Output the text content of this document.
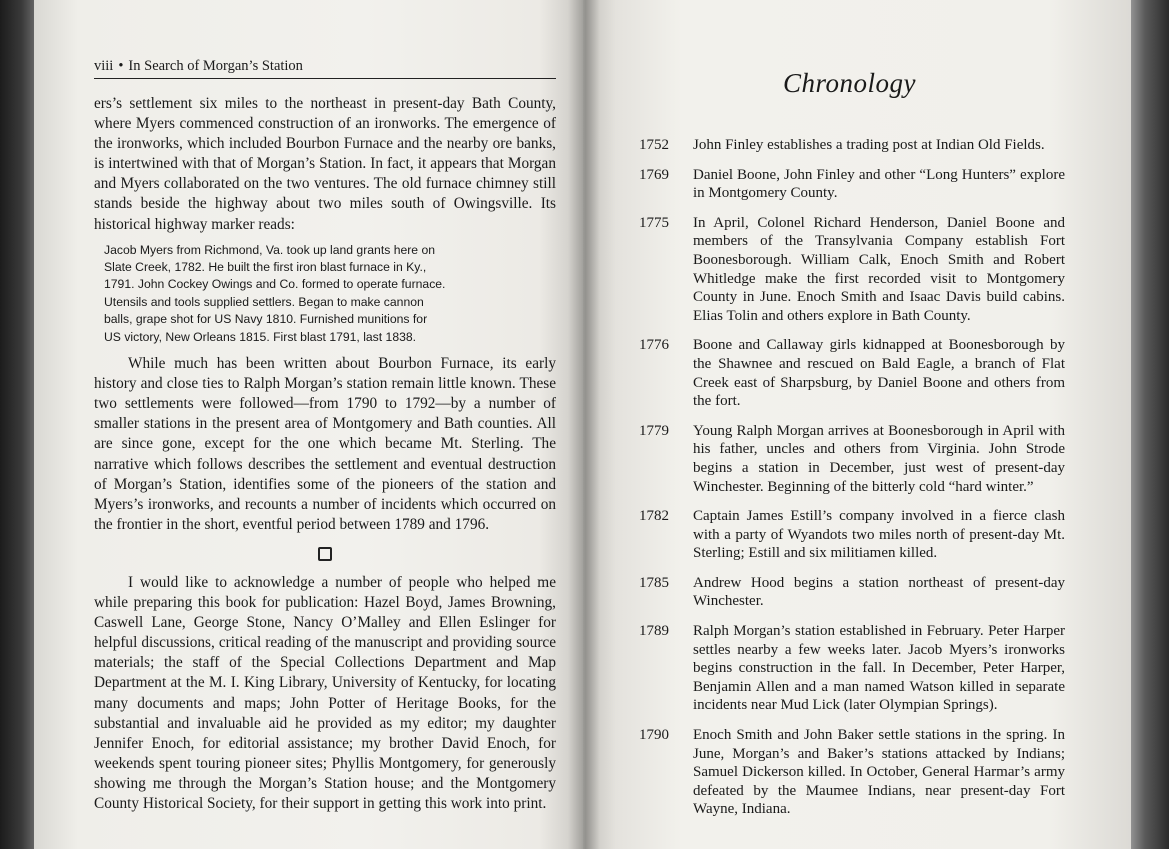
viii • In Search of Morgan’s Station

ers’s settlement six miles to the northeast in present-day Bath County, where Myers commenced construction of an ironworks. The emergence of the ironworks, which included Bourbon Furnace and the nearby ore banks, is intertwined with that of Morgan’s Station. In fact, it appears that Morgan and Myers collaborated on the two ventures. The old furnace chimney still stands beside the highway about two miles south of Owingsville. Its historical highway marker reads:

Jacob Myers from Richmond, Va. took up land grants here on
Slate Creek, 1782. He built the first iron blast furnace in Ky.,
1791. John Cockey Owings and Co. formed to operate furnace.
Utensils and tools supplied settlers. Began to make cannon
balls, grape shot for US Navy 1810. Furnished munitions for
US victory, New Orleans 1815. First blast 1791, last 1838.

While much has been written about Bourbon Furnace, its early history and close ties to Ralph Morgan’s station remain little known. These two settlements were followed—from 1790 to 1792—by a number of smaller stations in the present area of Montgomery and Bath counties. All are since gone, except for the one which became Mt. Sterling. The narrative which follows describes the settlement and eventual destruction of Morgan’s Station, identifies some of the pioneers of the station and Myers’s ironworks, and recounts a number of incidents which occurred on the frontier in the short, eventful period between 1789 and 1796.

I would like to acknowledge a number of people who helped me while preparing this book for publication: Hazel Boyd, James Browning, Caswell Lane, George Stone, Nancy O’Malley and Ellen Eslinger for helpful discussions, critical reading of the manuscript and providing source materials; the staff of the Special Collections Department and Map Department at the M. I. King Library, University of Kentucky, for locating many documents and maps; John Potter of Heritage Books, for the substantial and invaluable aid he provided as my editor; my daughter Jennifer Enoch, for editorial assistance; my brother David Enoch, for weekends spent touring pioneer sites; Phyllis Montgomery, for generously showing me through the Morgan’s Station house; and the Montgomery County Historical Society, for their support in getting this work into print.

Chronology
1752	John Finley establishes a trading post at Indian Old Fields.
1769	Daniel Boone, John Finley and other “Long Hunters” explore in Montgomery County.
1775	In April, Colonel Richard Henderson, Daniel Boone and members of the Transylvania Company establish Fort Boonesborough. William Calk, Enoch Smith and Robert Whitledge make the first recorded visit to Montgomery County in June. Enoch Smith and Isaac Davis build cabins. Elias Tolin and others explore in Bath County.
1776	Boone and Callaway girls kidnapped at Boonesborough by the Shawnee and rescued on Bald Eagle, a branch of Flat Creek east of Sharpsburg, by Daniel Boone and others from the fort.
1779	Young Ralph Morgan arrives at Boonesborough in April with his father, uncles and others from Virginia. John Strode begins a station in December, just west of present-day Winchester. Beginning of the bitterly cold “hard winter.”
1782	Captain James Estill’s company involved in a fierce clash with a party of Wyandots two miles north of present-day Mt. Sterling; Estill and six militiamen killed.
1785	Andrew Hood begins a station northeast of present-day Winchester.
1789	Ralph Morgan’s station established in February. Peter Harper settles nearby a few weeks later. Jacob Myers’s ironworks begins construction in the fall. In December, Peter Harper, Benjamin Allen and a man named Watson killed in separate incidents near Mud Lick (later Olympian Springs).
1790	Enoch Smith and John Baker settle stations in the spring. In June, Morgan’s and Baker’s stations attacked by Indians; Samuel Dickerson killed. In October, General Harmar’s army defeated by the Maumee Indians, near present-day Fort Wayne, Indiana.
